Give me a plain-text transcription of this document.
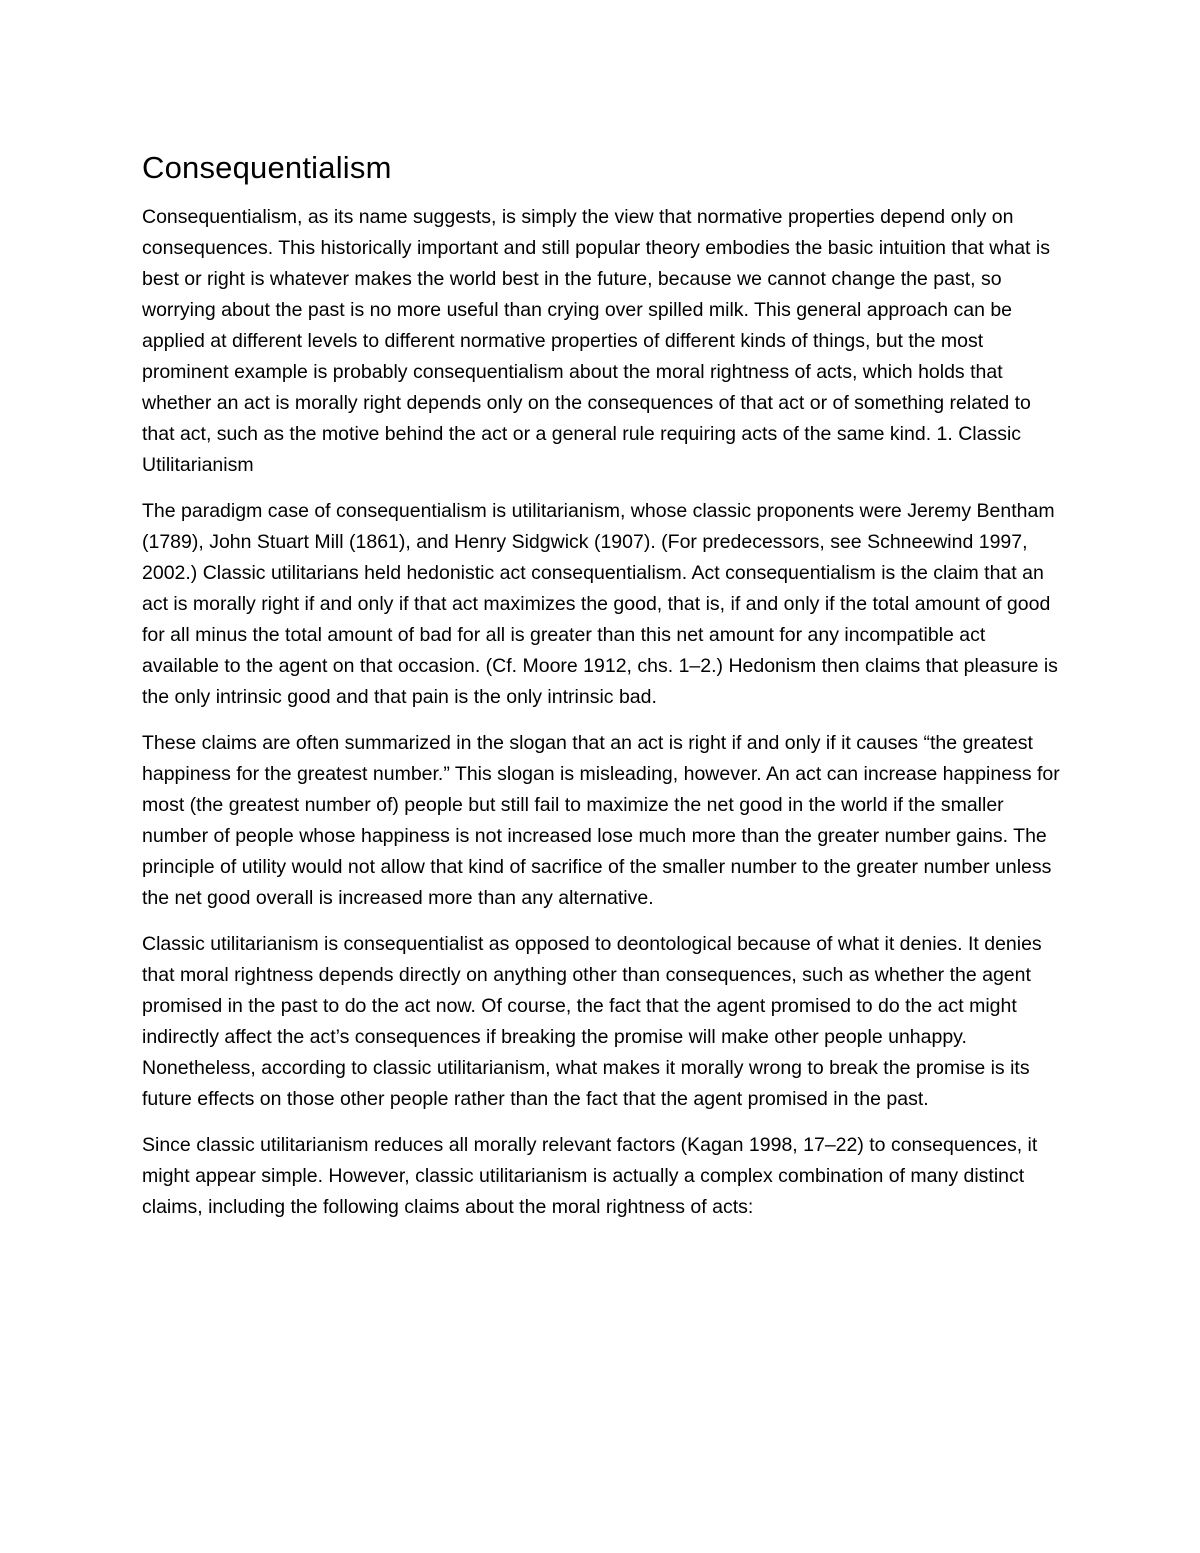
Consequentialism

Consequentialism, as its name suggests, is simply the view that normative properties depend only on consequences. This historically important and still popular theory embodies the basic intuition that what is best or right is whatever makes the world best in the future, because we cannot change the past, so worrying about the past is no more useful than crying over spilled milk. This general approach can be applied at different levels to different normative properties of different kinds of things, but the most prominent example is probably consequentialism about the moral rightness of acts, which holds that whether an act is morally right depends only on the consequences of that act or of something related to that act, such as the motive behind the act or a general rule requiring acts of the same kind. 1. Classic Utilitarianism

The paradigm case of consequentialism is utilitarianism, whose classic proponents were Jeremy Bentham (1789), John Stuart Mill (1861), and Henry Sidgwick (1907). (For predecessors, see Schneewind 1997, 2002.) Classic utilitarians held hedonistic act consequentialism. Act consequentialism is the claim that an act is morally right if and only if that act maximizes the good, that is, if and only if the total amount of good for all minus the total amount of bad for all is greater than this net amount for any incompatible act available to the agent on that occasion. (Cf. Moore 1912, chs. 1–2.) Hedonism then claims that pleasure is the only intrinsic good and that pain is the only intrinsic bad.

These claims are often summarized in the slogan that an act is right if and only if it causes “the greatest happiness for the greatest number.” This slogan is misleading, however. An act can increase happiness for most (the greatest number of) people but still fail to maximize the net good in the world if the smaller number of people whose happiness is not increased lose much more than the greater number gains. The principle of utility would not allow that kind of sacrifice of the smaller number to the greater number unless the net good overall is increased more than any alternative.

Classic utilitarianism is consequentialist as opposed to deontological because of what it denies. It denies that moral rightness depends directly on anything other than consequences, such as whether the agent promised in the past to do the act now. Of course, the fact that the agent promised to do the act might indirectly affect the act’s consequences if breaking the promise will make other people unhappy. Nonetheless, according to classic utilitarianism, what makes it morally wrong to break the promise is its future effects on those other people rather than the fact that the agent promised in the past.

Since classic utilitarianism reduces all morally relevant factors (Kagan 1998, 17–22) to consequences, it might appear simple. However, classic utilitarianism is actually a complex combination of many distinct claims, including the following claims about the moral rightness of acts:
